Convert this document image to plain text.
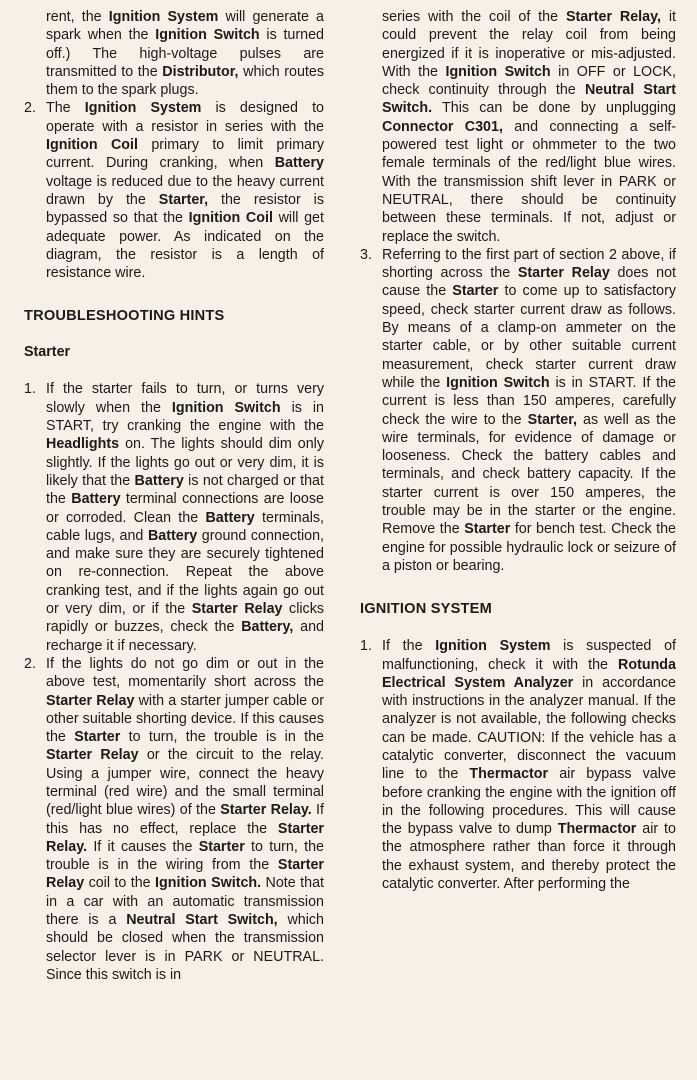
rent, the Ignition System will generate a spark when the Ignition Switch is turned off.) The high-voltage pulses are transmitted to the Distributor, which routes them to the spark plugs.

2. The Ignition System is designed to operate with a resistor in series with the Ignition Coil primary to limit primary current. During cranking, when Battery voltage is reduced due to the heavy current drawn by the Starter, the resistor is bypassed so that the Ignition Coil will get adequate power. As indicated on the diagram, the resistor is a length of resistance wire.

TROUBLESHOOTING HINTS
Starter
1. If the starter fails to turn, or turns very slowly when the Ignition Switch is in START, try cranking the engine with the Headlights on. The lights should dim only slightly. If the lights go out or very dim, it is likely that the Battery is not charged or that the Battery terminal connections are loose or corroded. Clean the Battery terminals, cable lugs, and Battery ground connection, and make sure they are securely tightened on re-connection. Repeat the above cranking test, and if the lights again go out or very dim, or if the Starter Relay clicks rapidly or buzzes, check the Battery, and recharge it if necessary.

2. If the lights do not go dim or out in the above test, momentarily short across the Starter Relay with a starter jumper cable or other suitable shorting device. If this causes the Starter to turn, the trouble is in the Starter Relay or the circuit to the relay. Using a jumper wire, connect the heavy terminal (red wire) and the small terminal (red/light blue wires) of the Starter Relay. If this has no effect, replace the Starter Relay. If it causes the Starter to turn, the trouble is in the wiring from the Starter Relay coil to the Ignition Switch. Note that in a car with an automatic transmission there is a Neutral Start Switch, which should be closed when the transmission selector lever is in PARK or NEUTRAL. Since this switch is in

series with the coil of the Starter Relay, it could prevent the relay coil from being energized if it is inoperative or mis-adjusted. With the Ignition Switch in OFF or LOCK, check continuity through the Neutral Start Switch. This can be done by unplugging Connector C301, and connecting a self-powered test light or ohmmeter to the two female terminals of the red/light blue wires. With the transmission shift lever in PARK or NEUTRAL, there should be continuity between these terminals. If not, adjust or replace the switch.

3. Referring to the first part of section 2 above, if shorting across the Starter Relay does not cause the Starter to come up to satisfactory speed, check starter current draw as follows. By means of a clamp-on ammeter on the starter cable, or by other suitable current measurement, check starter current draw while the Ignition Switch is in START. If the current is less than 150 amperes, carefully check the wire to the Starter, as well as the wire terminals, for evidence of damage or looseness. Check the battery cables and terminals, and check battery capacity. If the starter current is over 150 amperes, the trouble may be in the starter or the engine. Remove the Starter for bench test. Check the engine for possible hydraulic lock or seizure of a piston or bearing.

IGNITION SYSTEM
1. If the Ignition System is suspected of malfunctioning, check it with the Rotunda Electrical System Analyzer in accordance with instructions in the analyzer manual. If the analyzer is not available, the following checks can be made. CAUTION: If the vehicle has a catalytic converter, disconnect the vacuum line to the Thermactor air bypass valve before cranking the engine with the ignition off in the following procedures. This will cause the bypass valve to dump Thermactor air to the atmosphere rather than force it through the exhaust system, and thereby protect the catalytic converter. After performing the
